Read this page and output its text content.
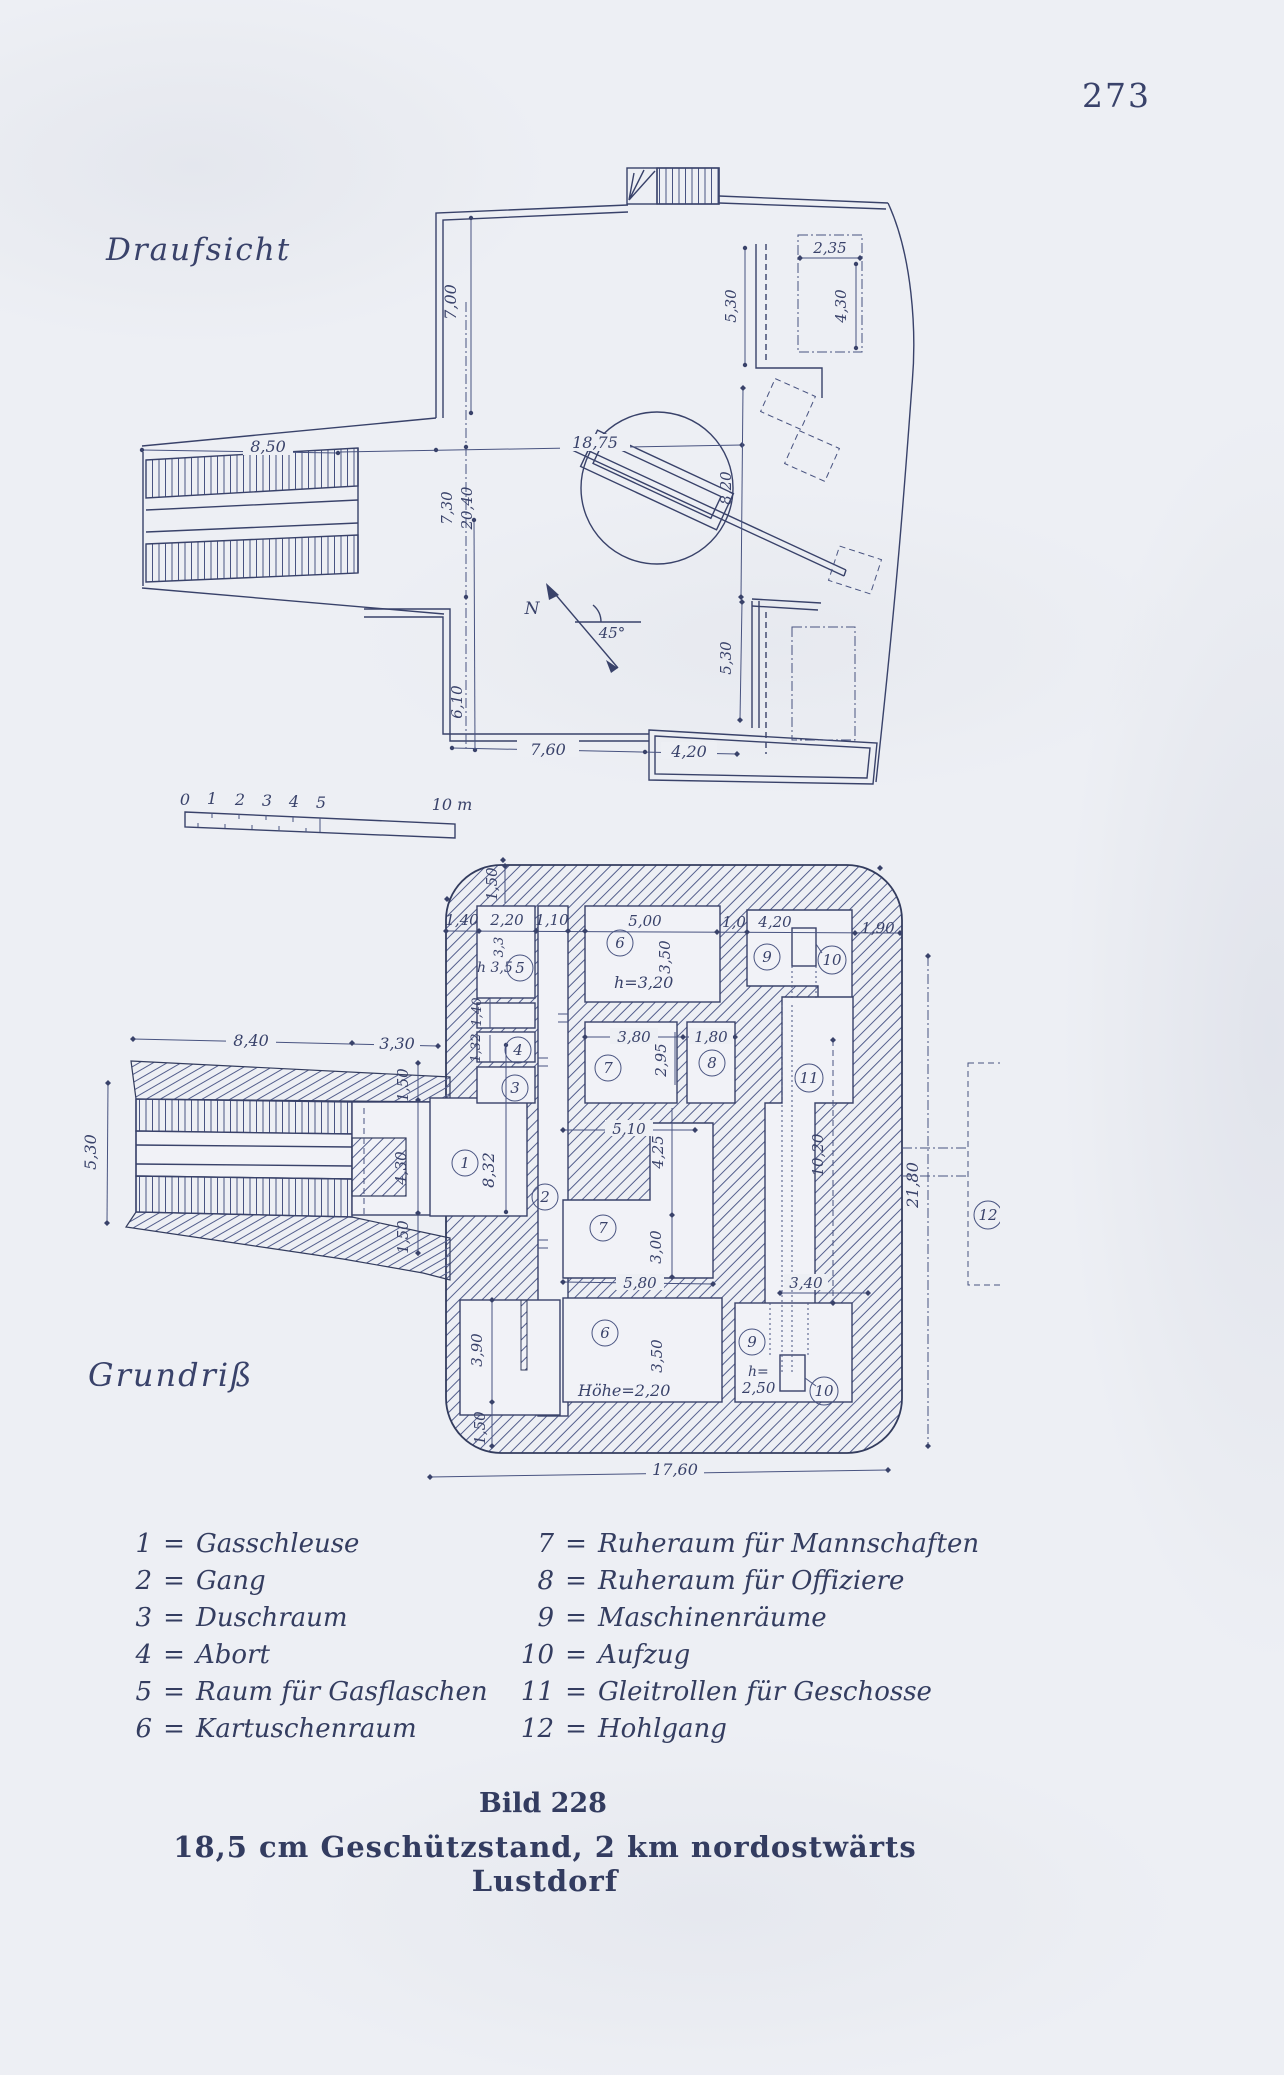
273
Draufsicht
8,50	18,75
7,00	5,30
2,35
4,30
7,30 20,40	8,20
6,10
5,30
7,60	4,20
N
45°
0 1 2 3 4 5	10 m
Grundriß
1,40 2,20 1,10	5,00	1,0 4,20	1,90
1,50
3,3
h 3,5	3,50
h=3,20
8,40	3,30
5,30
1,50
4,30
1,50
1,40
1,32
8,32
3,80	1,80
2,95
5,10
4,25
3,00
5,80	3,40
10,20
21,80
3,90
1,50
3,50
Höhe=2,20
h=
2,50
17,60
1
2
3
4
5
6
9	10
7	8
11
7
6	9
10
12
1 = Gasschleuse
2 = Gang
3 = Duschraum
4 = Abort
5 = Raum für Gasflaschen
6 = Kartuschenraum
7 = Ruheraum für Mannschaften
8 = Ruheraum für Offiziere
9 = Maschinenräume
10 = Aufzug
11 = Gleitrollen für Geschosse
12 = Hohlgang
Bild 228
18,5 cm Geschützstand, 2 km nordostwärts Lustdorf
